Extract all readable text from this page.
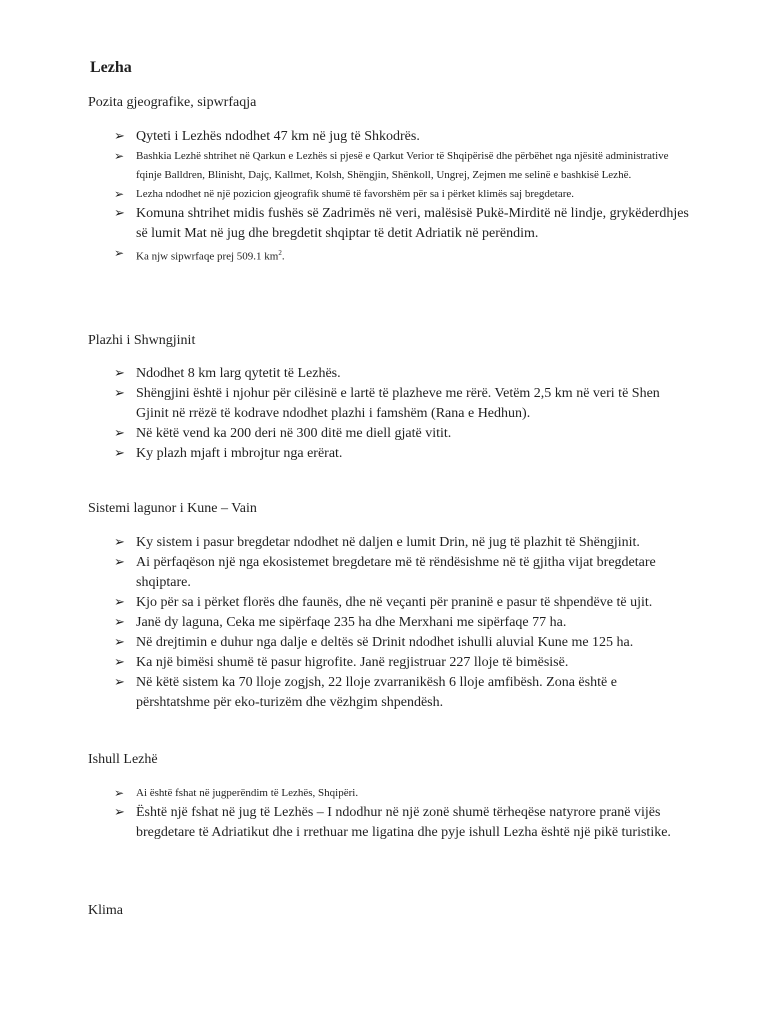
Lezha
Pozita gjeografike, sipwrfaqja
➢ Qyteti i Lezhës ndodhet 47 km në jug të Shkodrës.
➢ Bashkia Lezhë shtrihet në Qarkun e Lezhës si pjesë e Qarkut Verior të Shqipërisë dhe përbëhet nga njësitë administrative fqinje Balldren, Blinisht, Dajç, Kallmet, Kolsh, Shëngjin, Shënkoll, Ungrej, Zejmen me selinë e bashkisë Lezhë.
➢ Lezha ndodhet në një pozicion gjeografik shumë të favorshëm për sa i përket klimës saj bregdetare.
➢ Komuna shtrihet midis fushës së Zadrimës në veri, malësisë Pukë-Mirditë në lindje, grykëderdhjes së lumit Mat në jug dhe bregdetit shqiptar të detit Adriatik në perëndim.
➢ Ka njw sipwrfaqe prej 509.1 $km^2$.
Plazhi i Shwngjinit
➢ Ndodhet 8 km larg qytetit të Lezhës.
➢ Shëngjini është i njohur për cilësinë e lartë të plazheve me rërë. Vetëm 2,5 km në veri të Shen Gjinit në rrëzë të kodrave ndodhet plazhi i famshëm (Rana e Hedhun).
➢ Në këtë vend ka 200 deri në 300 ditë me diell gjatë vitit.
➢ Ky plazh mjaft i mbrojtur nga erërat.
Sistemi lagunor i Kune – Vain
➢ Ky sistem i pasur bregdetar ndodhet në daljen e lumit Drin, në jug të plazhit të Shëngjinit.
➢ Ai përfaqëson një nga ekosistemet bregdetare më të rëndësishme në të gjitha vijat bregdetare shqiptare.
➢ Kjo për sa i përket florës dhe faunës, dhe në veçanti për praninë e pasur të shpendëve të ujit.
➢ Janë dy laguna, Ceka me sipërfaqe 235 ha dhe Merxhani me sipërfaqe 77 ha.
➢ Në drejtimin e duhur nga dalje e deltës së Drinit ndodhet ishulli aluvial Kune me 125 ha.
➢ Ka një bimësi shumë të pasur higrofite. Janë regjistruar 227 lloje të bimësisë.
➢ Në këtë sistem ka 70 lloje zogjsh, 22 lloje zvarranikësh 6 lloje amfibësh. Zona është e përshtatshme për eko-turizëm dhe vëzhgim shpendësh.
Ishull Lezhë
➢ Ai është fshat në jugperëndim të Lezhës, Shqipëri.
➢ Është një fshat në jug të Lezhës – I ndodhur në një zonë shumë tërheqëse natyrore pranë vijës bregdetare të Adriatikut dhe i rrethuar me ligatina dhe pyje ishull Lezha është një pikë turistike.
Klima
